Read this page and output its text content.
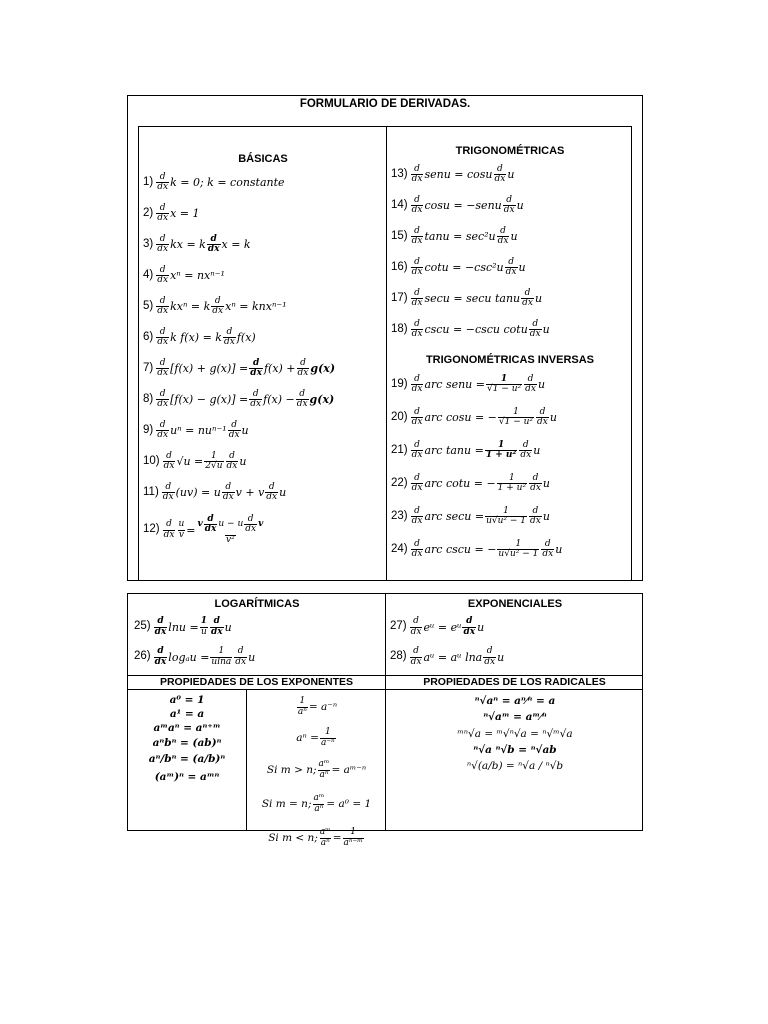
FORMULARIO DE DERIVADAS.
BÁSICAS
1) d
dx k = 0; k = constante
2) d
dx x = 1
3) d
dx kx = k d
dx x = k
4) d
dx xⁿ = nxⁿ⁻¹
5) d
dx kxⁿ = k d
dx xⁿ = knxⁿ⁻¹
6) d
dx k f(x) = k d
dx f(x)
7) d
dx $[f(x) + g(x)] = \frac{d}{dx} f(x) + \frac{d}{dx} g(x)$
8) d
dx $[f(x) - g(x)] = \frac{d}{dx} f(x) - \frac{d}{dx} g(x)$
9) d
dx uⁿ = nuⁿ⁻¹ d
dx u
10) d
dx $√u = \frac{1}{2√u}$ d
dx u
11) d
dx (uv) = u d
dx v + v d
dx u
12) d
dx $\frac{u}{v} = v$
d
dx
u − u
d
dx
v
v²
TRIGONOMÉTRICAS
13) d
dx senu = cosu d
dx u
14) d
dx cosu = −senu d
dx u
15) d
dx tanu = sec²u d
dx u
16) d
dx cotu = −csc²u d
dx u
17) d
dx secu = secu tanu d
dx u
18) d
dx cscu = −cscu cotu d
dx u
TRIGONOMÉTRICAS INVERSAS
19) d
dx arc senu = $\frac{1}{\text{√1 − u²}}$ d
dx u
20) d
dx arc cosu = − $\frac{1}{\text{√1 − u²}}$ d
dx u
21) d
dx arc $\tan u = \frac{1}{\text{1 + u²}}$ d
dx u
22) d
dx arc cotu = − $\frac{1}{\text{1 + u²}}$ d
dx u
23) d
dx arc $\sec u = \frac{1}{\text{u√u² − 1}}$ d
dx u
24) d
dx arc cscu = − $\frac{1}{\text{u√u² − 1}}$ d
dx u
LOGARÍTMICAS
25) d
dx $\ln u = \frac{1}{u}$ d
dx u
26) d
dx $\log_au = \frac{1}{ulna}$ d
dx u
EXPONENCIALES
27) d
dx eᵘ = eᵘ d
dx u
28) d
dx aᵘ = aᵘ lna d
dx u
PROPIEDADES DE LOS EXPONENTES	PROPIEDADES DE LOS RADICALES
a⁰ = 1
a¹ = a
aᵐaⁿ = aⁿ⁺ᵐ
aⁿbⁿ = (ab)ⁿ
aⁿ/bⁿ = (a/b)ⁿ
(aᵐ)ⁿ = aᵐⁿ
$\frac{1}{\text{aⁿ}} = a^{-n}$
$a^n = \frac{1}{\text{a⁻ⁿ}}$
Si m > n; $\frac{\text{aᵐ}}{\text{aⁿ}}$ = aᵐ⁻ⁿ
Si m = n; $\frac{\text{aᵐ}}{\text{aⁿ}} = a^0 = 1$
Si m < n; $\frac{\text{aᵐ}}{\text{aⁿ}} = \frac{1}{\text{aⁿ⁻ᵐ}}$
ⁿ√aⁿ = aⁿ⁄ⁿ = a
ⁿ√aᵐ = aᵐ⁄ⁿ
ᵐⁿ√a = ᵐ√ⁿ√a = ⁿ√ᵐ√a
ⁿ√a ⁿ√b = ⁿ√ab
ⁿ√(a/b) = ⁿ√a / ⁿ√b
